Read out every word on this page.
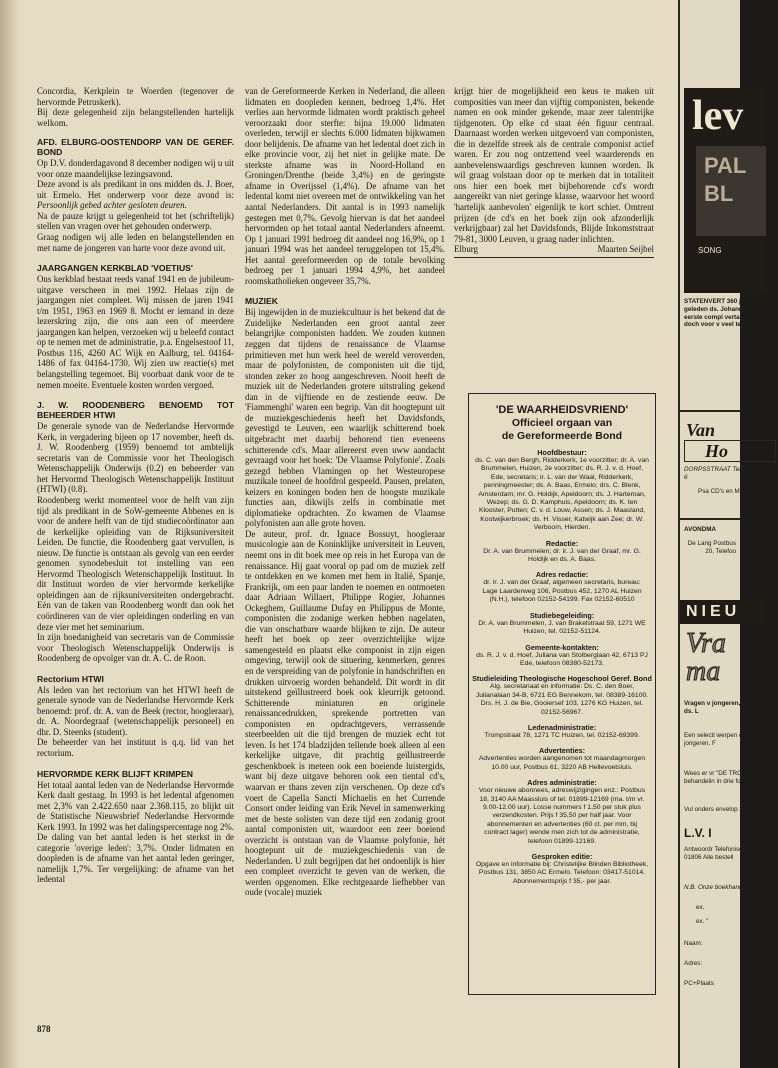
Concordia, Kerkplein te Woerden (tegenover de hervormde Petruskerk).

Bij deze gelegenheid zijn belangstellenden hartelijk welkom.

AFD. ELBURG-OOSTENDORP VAN DE GEREF. BOND

Op D.V. donderdagavond 8 december nodigen wij u uit voor onze maandelijkse lezingsavond.

Deze avond is als predikant in ons midden ds. J. Boer, uit Ermelo. Het onderwerp voor deze avond is: Persoonlijk gebed achter gesloten deuren.

Na de pauze krijgt u gelegenheid tot het (schriftelijk) stellen van vragen over het gehouden onderwerp.

Graag nodigen wij alle leden en belangstellenden en met name de jongeren van harte voor deze avond uit.

JAARGANGEN KERKBLAD 'VOETIUS'

Ons kerkblad bestaat reeds vanaf 1941 en de jubileum-uitgave verscheen in mei 1992. Helaas zijn de jaargangen niet compleet. Wij missen de jaren 1941 t/m 1951, 1963 en 1969 8. Mocht er iemand in deze lezerskring zijn, die ons aan een of meerdere jaargangen kan helpen, verzoeken wij u beleefd contact op te nemen met de administratie, p.a. Engelsestoof 11, Postbus 116, 4260 AC Wijk en Aalburg, tel. 04164-1486 of fax 04164-1730. Wij zien uw reactie(s) met belangstelling tegemoet. Bij voorbaat dank voor de te nemen moeite. Eventuele kosten worden vergoed.

J. W. ROODENBERG BENOEMD TOT BEHEERDER HTWI

De generale synode van de Nederlandse Hervormde Kerk, in vergadering bijeen op 17 november, heeft ds. J. W. Roodenberg (1959) benoemd tot ambtelijk secretaris van de Commissie voor het Theologisch Wetenschappelijk Onderwijs (0.2) en beheerder van het Hervormd Theologisch Wetenschappelijk Instituut (HTWI) (0.8).

Roodenberg werkt momenteel voor de helft van zijn tijd als predikant in de SoW-gemeente Abbenes en is voor de andere helft van de tijd studiecoördinator aan de kerkelijke opleiding van de Rijksuniversiteit Leiden. De functie, die Roodenberg gaat vervullen, is nieuw. De functie is ontstaan als gevolg van een eerder genomen synodebesluit tot instelling van een Hervormd Theologisch Wetenschappelijk Instituut. In dit Instituut worden de vier hervormde kerkelijke opleidingen aan de rijksuniversiteiten ondergebracht. Eén van de taken van Roodenberg wordt dan ook het coördineren van de vier opleidingen onderling en van deze vier met het seminarium.

In zijn hoedanigheid van secretaris van de Commissie voor Theologisch Wetenschappelijk Onderwijs is Roodenberg de opvolger van dr. A. C. de Roon.

Rectorium HTWI

Als leden van het rectorium van het HTWI heeft de generale synode van de Nederlandse Hervormde Kerk benoemd: prof. dr. A. van de Beek (rector, hoogleraar), dr. A. Noordegraaf (wetenschappelijk personeel) en dhr. D. Steenks (student).

De beheerder van het instituut is q.q. lid van het rectorium.

HERVORMDE KERK BLIJFT KRIMPEN

Het totaal aantal leden van de Nederlandse Hervormde Kerk daalt gestaag. In 1993 is het ledental afgenomen met 2,3% van 2.422.650 naar 2.368.115, zo blijkt uit de Statistische Nieuwsbrief Nederlandse Hervormde Kerk 1993. In 1992 was het dalingspercentage nog 2%. De daling van het aantal leden is het sterkst in de categorie 'overige leden': 3,7%. Onder lidmaten en doopleden is de afname van het aantal leden geringer, namelijk 1,7%. Ter vergelijking: de afname van het ledental

van de Gereformeerde Kerken in Nederland, die alleen lidmaten en doopleden kennen, bedroeg 1,4%. Het verlies aan hervormde lidmaten wordt praktisch geheel veroorzaakt door sterfte: bijna 19.000 lidmaten overleden, terwijl er slechts 6.000 lidmaten bijkwamen door belijdenis. De afname van het ledental doet zich in elke provincie voor, zij het niet in gelijke mate. De sterkste afname was in Noord-Holland en Groningen/Drenthe (beide 3,4%) en de geringste afname in Overijssel (1,4%). De afname van het ledental komt niet overeen met de ontwikkeling van het aantal Nederlanders. Dit aantal is in 1993 namelijk gestegen met 0,7%. Gevolg hiervan is dat het aandeel hervormden op het totaal aantal Nederlanders afneemt. Op 1 januari 1991 bedroeg dit aandeel nog 16,9%, op 1 januari 1994 was het aandeel teruggelopen tot 15,4%. Het aantal gereformeerden op de totale bevolking bedroeg per 1 januari 1994 4,9%, het aandeel roomskatholieken ongeveer 35,7%.

MUZIEK

Bij ingewijden in de muziekcultuur is het bekend dat de Zuidelijke Nederlanden een groot aantal zeer belangrijke componisten hadden. We zouden kunnen zeggen dat tijdens de renaissance de Vlaamse primitieven met hun werk heel de wereld veroverden, maar de polyfonisten, de componisten uit die tijd, stonden zeker zo hoog aangeschreven. Nooit heeft de muziek uit de Nederlanden grotere uitstraling gekend dan in de vijftiende en de zestiende eeuw. De 'Fiammenghi' waren een begrip. Van dit hoogtepunt uit de muziekgeschiedenis heeft het Davidsfonds, gevestigd te Leuven, een waarlijk schitterend boek uitgebracht met daarbij behorend tien eveneens schitterende cd's. Maar allereerst even uww aandacht gevraagd voor het boek: 'De Vlaamse Polyfonie'. Zoals gezegd hebben Vlamingen op het Westeuropese muzikale toneel de hoofdrol gespeeld. Pausen, prelaten, keizers en koningen boden hen de hoogste muzikale functies aan, dikwijls zelfs in combinatie met diplomatieke opdrachten. Zo kwamen de Vlaamse polyfonisten aan alle grote hoven.

De auteur, prof. dr. Ignace Bossuyt, hoogleraar musicologie aan de Koninklijke universiteit in Leuven, neemt ons in dit boek mee op reis in het Europa van de renaissance. Hij gaat vooral op pad om de muziek zelf te ontdekken en we komen met hem in Italië, Spanje, Frankrijk, om een paar landen te noemen en ontmoeten daar Adriaan Willaert, Philippe Rogier, Johannes Ockeghem, Guillaume Dufay en Philippus de Monte, componisten die zodanige werken hebben nagelaten, die van onschatbare waarde blijken te zijn. De auteur heeft het boek op zeer overzichtelijke wijze samengesteld en plaatst elke componist in zijn eigen omgeving, terwijl ook de situering, kenmerken, genres en de verspreiding van de polyfonie in handschriften en drukken uitvoerig worden behandeld. Dit wordt in dit uitstekend geïllustreerd boek ook kleurrijk getoond. Schitterende miniaturen en originele renaissancedrukken, sprekende portretten van componisten en opdrachtgevers, verrassende steerbeelden uit die tijd brengen de muziek echt tot leven. Is het 174 bladzijden tellende boek alleen al een kerkelijke uitgave, dit prachtig geïllustreerde geschenkboek is meteen ook een boeiende luistergids, want bij deze uitgave behoren ook een tiental cd's, waarvan er thans zeven zijn verschenen. Op deze cd's voert de Capella Sancti Michaelis en het Currende Consort onder leiding van Erik Nevel in samenwerking met de beste solisten van deze tijd een zodanig groot aantal componisten uit, waardoor een zeer boeiend overzicht is ontstaan van de Vlaamse polyfonie, hét hoogtepunt uit de muziekgeschiedenis van de Nederlanden. U zult begrijpen dat het ondoenlijk is hier een compleet overzicht te geven van de werken, die werden opgenomen. Elke rechtgeaarde liefhebber van oude (vocale) muziek

krijgt hier de mogelijkheid een keus te maken uit composities van meer dan vijftig componisten, bekende namen en ook minder gekende, maar zeer talentrijke tijdgenoten. Op elke cd staat één figuur centraal. Daarnaast worden werken uitgevoerd van componisten, die in dezelfde streek als de centrale componist actief waren. Er zou nog ontzettend veel waarderends en aanbevelenswaardigs geschreven kunnen worden. Ik wil graag volstaan door op te merken dat in totaliteit ons hier een boek met bijbehorende cd's wordt aangereikt van niet geringe klasse, waarvoor het woord 'hartelijk aanbevolen' eigenlijk te kort schiet. Omtrent prijzen (de cd's en het boek zijn ook afzonderlijk verkrijgbaar) zal het Davidsfonds, Blijde Inkomststraat 79-81, 3000 Leuven, u graag nader inlichten.

Elburg	Maarten Seijbel
'DE WAARHEIDSVRIEND'
Officieel orgaan van
de Gereformeerde Bond
Hoofdbestuur:
ds. C. van den Bergh, Ridderkerk, 1e voorzitter; dr. A. van Brummelen, Huizen, 2e voorzitter; ds. R. J. v. d. Hoef, Ede, secretaris; ir. L. van der Waal, Ridderkerk, penningmeester; ds. A. Baas, Ermelo; drs. C. Blenk, Amsterdam; mr. G. Holdijk, Apeldoorn; ds. J. Harteman, Wezep; ds. G. D. Kamphuis, Apeldoorn; ds. K. ten Klooster, Putten; C. v. d. Louw, Assen; ds. J. Maasland, Kootwijkerbroek; ds. H. Visser, Katwijk aan Zee; dr. W. Verboom, Hierden.
Redactie:
Dr. A. van Brummelen; dr. ir. J. van der Graaf, mr. G. Holdijk en ds. A. Baas.
Adres redactie:
dr. ir. J. van der Graaf, algemeen secretaris, bureau: Lage Laarderweg 106, Postbus 452, 1270 AL Huizen (N.H.), telefoon 02152-54199. Fax 02152-60510
Studiebegeleiding:
Dr. A. van Brummelen, J. van Brakelstraat 59, 1271 WE Huizen, tel. 02152-51124.
Gemeente-kontakten:
ds. R. J. v. d. Hoef, Juliana van Stolberglaan 42, 6713 PJ Ede, telefoon 08380-52173.
Studieleiding Theologische Hogeschool Geref. Bond
Alg. secretariaat en informatie: Ds. C. den Boer, Julianalaan 34-B, 6721 EG Bennekom, tel. 08389-16100. Drs. H. J. de Bie, Gooiersef 103, 1276 KG Huizen, tel. 02152-56967.
Ledenadministratie:
Trompstraat 78, 1271 TC Huizen, tel. 02152-69399.
Advertenties:
Advertenties worden aangenomen tot maandagmorgen 10.00 uur, Postbus 61, 3220 AB Hellevoetsluis.
Adres administratie:
Voor nieuwe abonnees, adreswijzigingen enz.: Postbus 18, 3140 AA Maassluis of tel. 01899-12169 (ma. t/m vr. 9.00-12.00 uur). Losse nummers f 1,50 per stuk plus verzendkosten. Prijs f 35,50 per half jaar. Voor abonnementen en advertenties (60 ct. per mm, bij contract lager) wende men zich tot de administratie, telefoon 01899-12169.
Gesproken editie:
Opgave en informatie bij: Christelijke Blinden Bibliotheek, Postbus 131, 3850 AC Ermelo. Telefoon: 03417-51014. Abonnementsprijs f 35,- per jaar.
878
lev
PAL BL
SONG
STATENVERT 360 jaar geleden ds. Johannes eerste compl vertaling. Ee doch voor v veel te moei
Van
Ho
DORPSSTRAAT Tel. 03418 6
Psa CD's en Musi
AVONDMA
De Lang Postbus 20, Telefoo
NIEU
Vra ma
Vragen v jongeren, door ds. L
Een selecti werpen die jongeren. F
Wees er vr "DE TROC behandelin in drie form
Vul onders envelop zo
L.V. I
Antwoordr Telefonisch Tel. 01806 Alle bestell
N.B. Onze boekhande
ex.
ex. "
Naam:
Adres:
PC+Plaats
